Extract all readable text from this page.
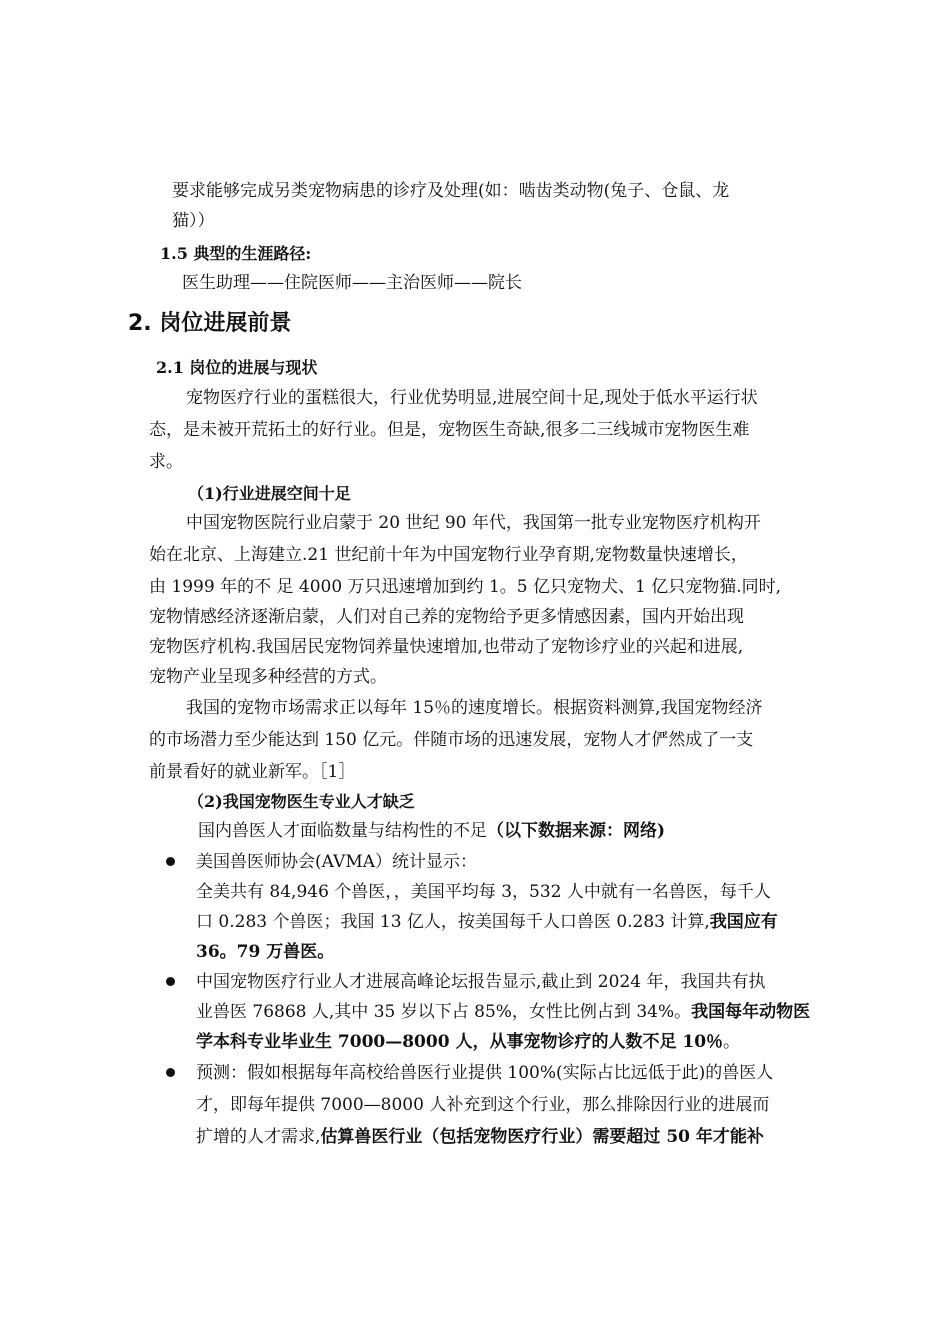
要求能够完成另类宠物病患的诊疗及处理(如：啮齿类动物(兔子、仓鼠、龙
猫））
1.5 典型的生涯路径:
医生助理——住院医师——主治医师——院长
2. 岗位进展前景
2.1 岗位的进展与现状
宠物医疗行业的蛋糕很大，行业优势明显,进展空间十足,现处于低水平运行状
态，是未被开荒拓土的好行业。但是，宠物医生奇缺,很多二三线城市宠物医生难
求。
（1)行业进展空间十足
中国宠物医院行业启蒙于 20 世纪 90 年代，我国第一批专业宠物医疗机构开
始在北京、上海建立.21 世纪前十年为中国宠物行业孕育期,宠物数量快速增长，
由 1999 年的不 足 4000 万只迅速增加到约 1。5 亿只宠物犬、1 亿只宠物猫.同时,
宠物情感经济逐渐启蒙，人们对自己养的宠物给予更多情感因素，国内开始出现
宠物医疗机构.我国居民宠物饲养量快速增加,也带动了宠物诊疗业的兴起和进展,
宠物产业呈现多种经营的方式。
我国的宠物市场需求正以每年 15％的速度增长。根据资料测算,我国宠物经济
的市场潜力至少能达到 150 亿元。伴随市场的迅速发展，宠物人才俨然成了一支
前景看好的就业新军。［1］
（2)我国宠物医生专业人才缺乏
国内兽医人才面临数量与结构性的不足（以下数据来源：网络)
美国兽医师协会(AVMA）统计显示：
全美共有 84,946 个兽医，，美国平均每 3，532 人中就有一名兽医，每千人
口 0.283 个兽医；我国 13 亿人，按美国每千人口兽医 0.283 计算,我国应有
36。79 万兽医。
中国宠物医疗行业人才进展高峰论坛报告显示,截止到 2024 年，我国共有执
业兽医 76868 人,其中 35 岁以下占 85%，女性比例占到 34%。我国每年动物医
学本科专业毕业生 7000—8000 人，从事宠物诊疗的人数不足 10％。
预测：假如根据每年高校给兽医行业提供 100%(实际占比远低于此)的兽医人
才，即每年提供 7000—8000 人补充到这个行业，那么排除因行业的进展而
扩增的人才需求,估算兽医行业（包括宠物医疗行业）需要超过 50 年才能补
